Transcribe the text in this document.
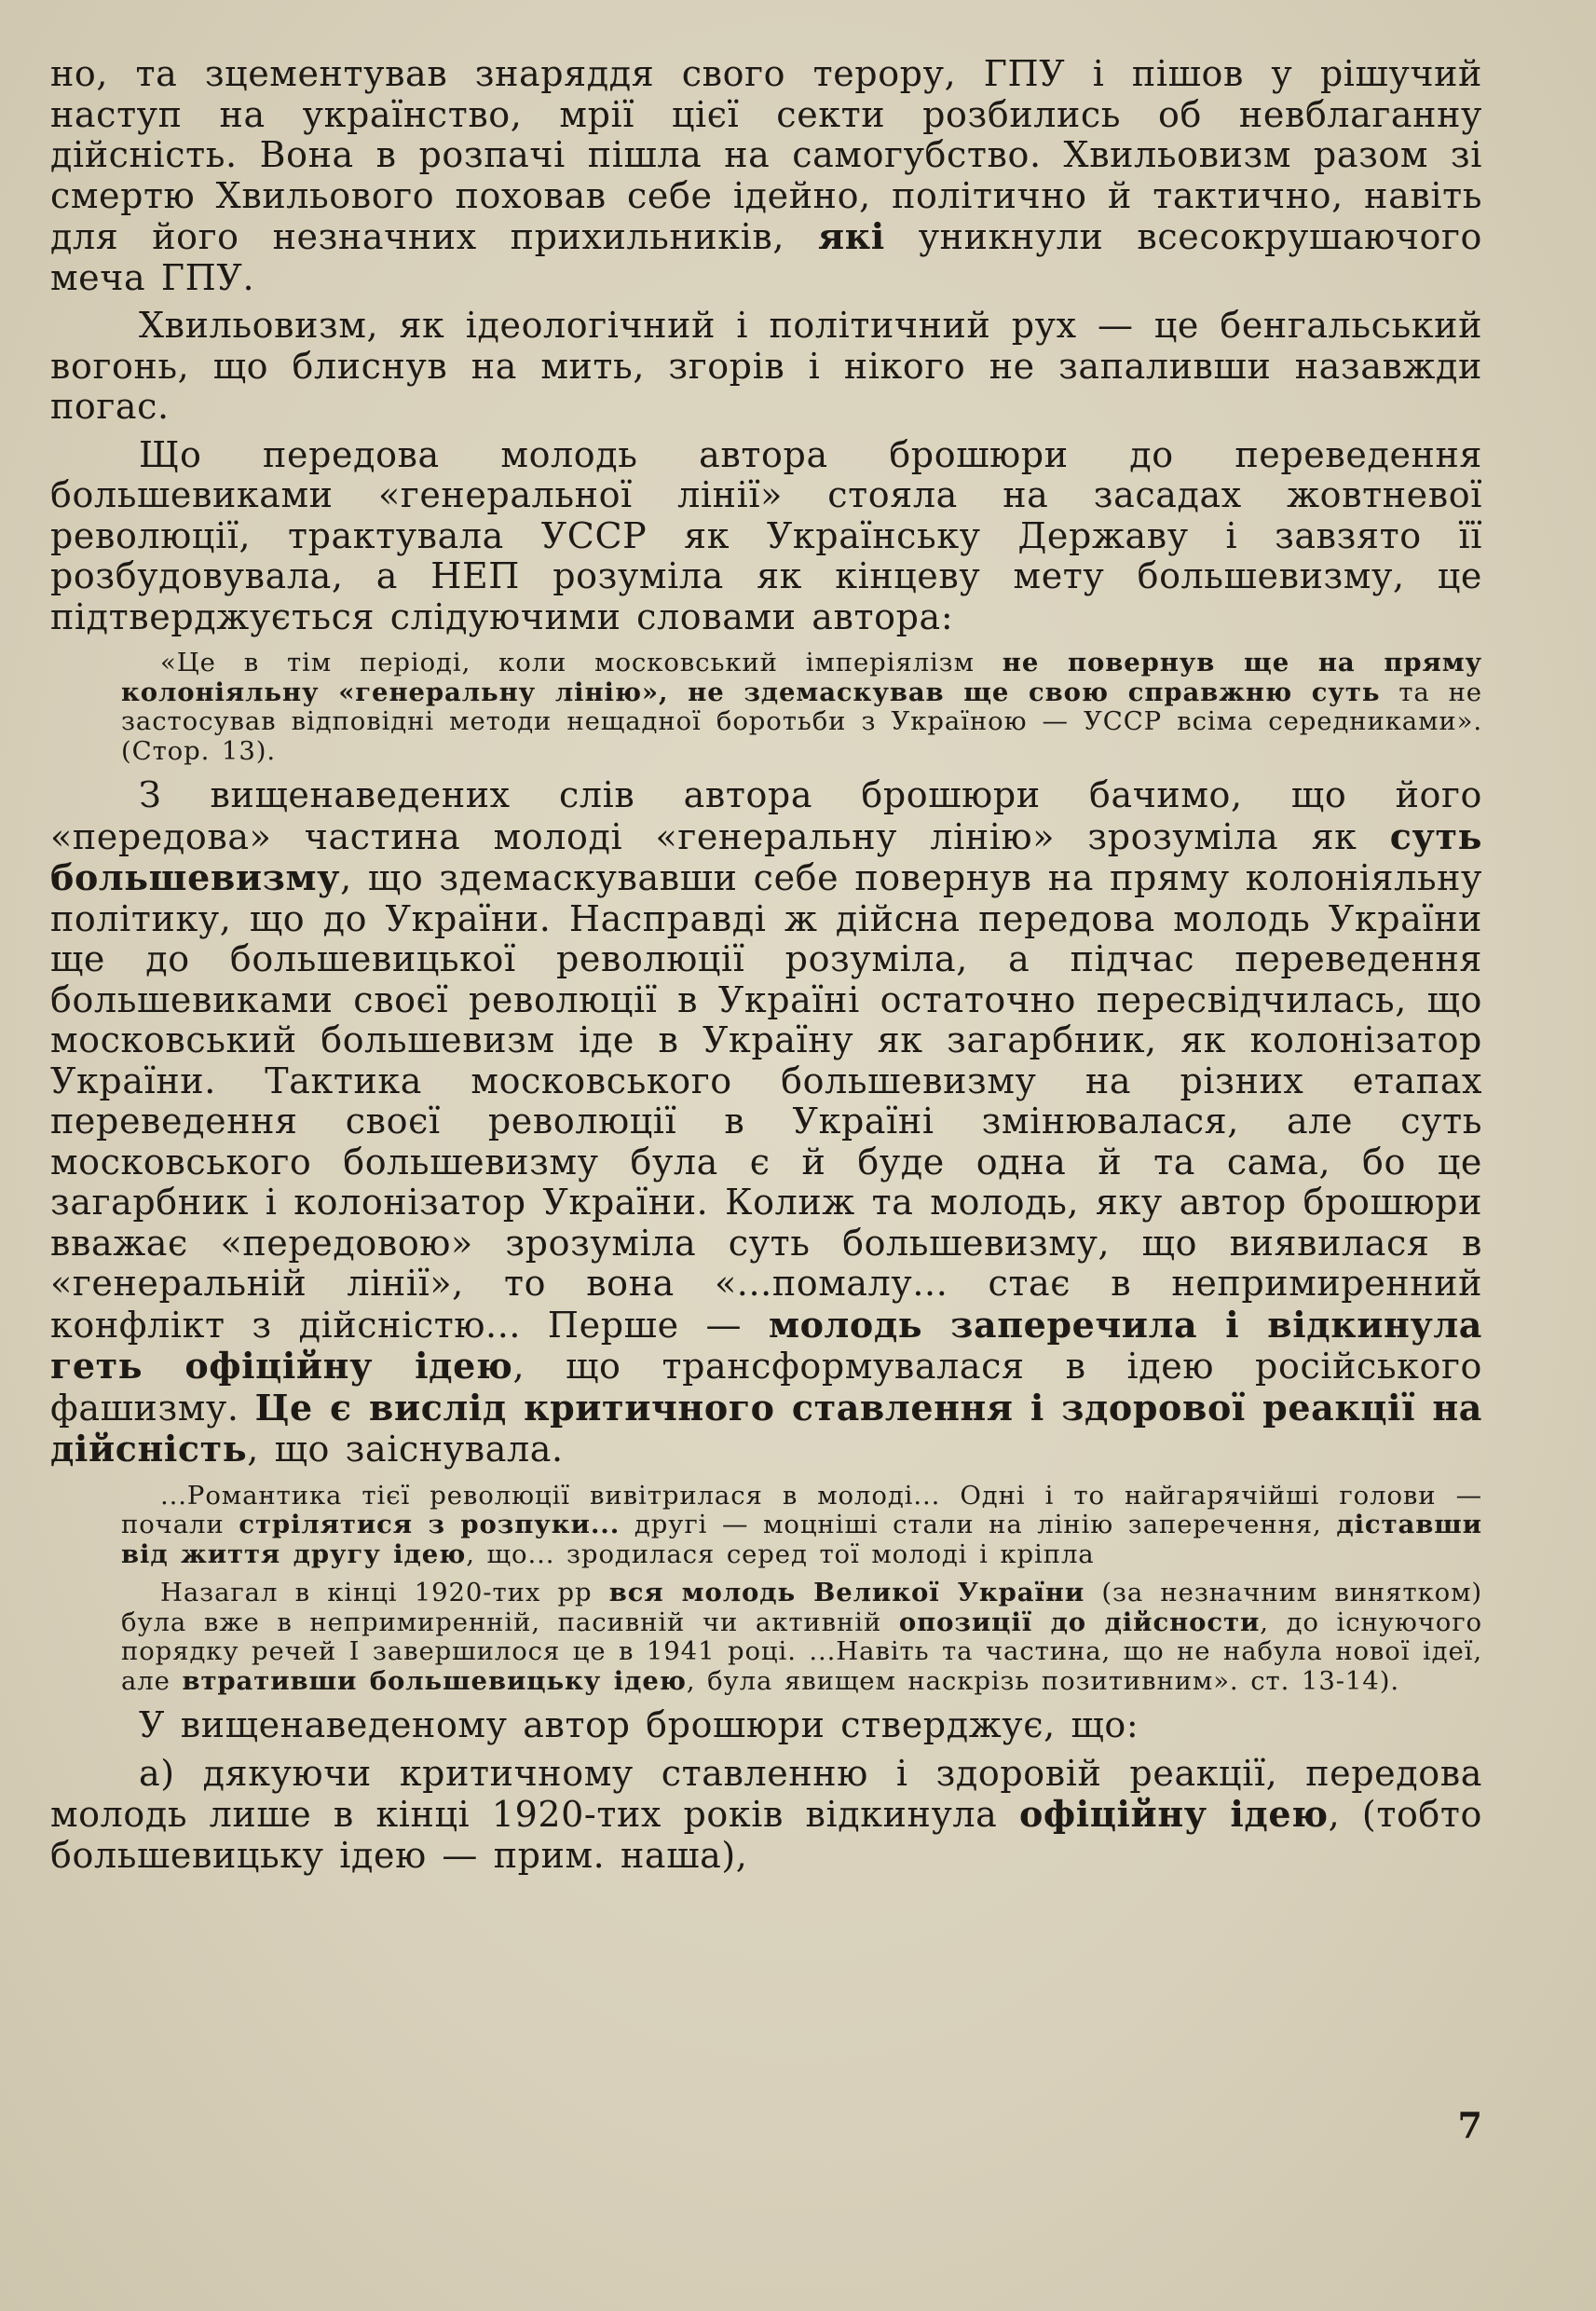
но, та зцементував знаряддя свого терору, ГПУ і пішов у рішучий наступ на українство, мрії цієї секти розбились об невблаганну дійсність. Вона в розпачі пішла на самогубство. Хвильовизм разом зі смертю Хвильового поховав себе ідейно, політично й тактично, навіть для його незначних прихильників, які уникнули всесокрушаючого меча ГПУ.

Хвильовизм, як ідеологічний і політичний рух — це бенгальський вогонь, що блиснув на мить, згорів і нікого не запаливши назавжди погас.

Що передова молодь автора брошюри до переведення большевиками «генеральної лінії» стояла на засадах жовтневої революції, трактувала УССР як Українську Державу і завзято її розбудовувала, а НЕП розуміла як кінцеву мету большевизму, це підтверджується слідуючими словами автора:

«Це в тім періоді, коли московський імперіялізм не повернув ще на пряму колоніяльну «генеральну лінію», не здемаскував ще свою справжню суть та не застосував відповідні методи нещадної боротьби з Україною — УССР всіма середниками». (Стор. 13).

З вищенаведених слів автора брошюри бачимо, що його «передова» частина молоді «генеральну лінію» зрозуміла як суть большевизму, що здемаскувавши себе повернув на пряму колоніяльну політику, що до України. Насправді ж дійсна передова молодь України ще до большевицької революції розуміла, а підчас переведення большевиками своєї революції в Україні остаточно пересвідчилась, що московський большевизм іде в Україну як загарбник, як колонізатор України. Тактика московського большевизму на різних етапах переведення своєї революції в Україні змінювалася, але суть московського большевизму була є й буде одна й та сама, бо це загарбник і колонізатор України. Колиж та молодь, яку автор брошюри вважає «передовою» зрозуміла суть большевизму, що виявилася в «генеральній лінії», то вона «...помалу... стає в непримиренний конфлікт з дійсністю... Перше — молодь заперечила і відкинула геть офіційну ідею, що трансформувалася в ідею російського фашизму. Це є вислід критичного ставлення і здорової реакції на дійсність, що заіснувала.

...Романтика тієї революції вивітрилася в молоді... Одні і то найгарячійші голови — почали стрілятися з розпуки... другі — моцніші стали на лінію заперечення, діставши від життя другу ідею, що... зродилася серед тої молоді і кріпла

Назагал в кінці 1920-тих рр вся молодь Великої України (за незначним винятком) була вже в непримиренній, пасивній чи активній опозиції до дійсности, до існуючого порядку речей I завершилося це в 1941 році. ...Навіть та частина, що не набула нової ідеї, але втративши большевицьку ідею, була явищем наскрізь позитивним». ст. 13-14).

У вищенаведеному автор брошюри стверджує, що:

а) дякуючи критичному ставленню і здоровій реакції, передова молодь лише в кінці 1920-тих років відкинула офіційну ідею, (тобто большевицьку ідею — прим. наша),

7
